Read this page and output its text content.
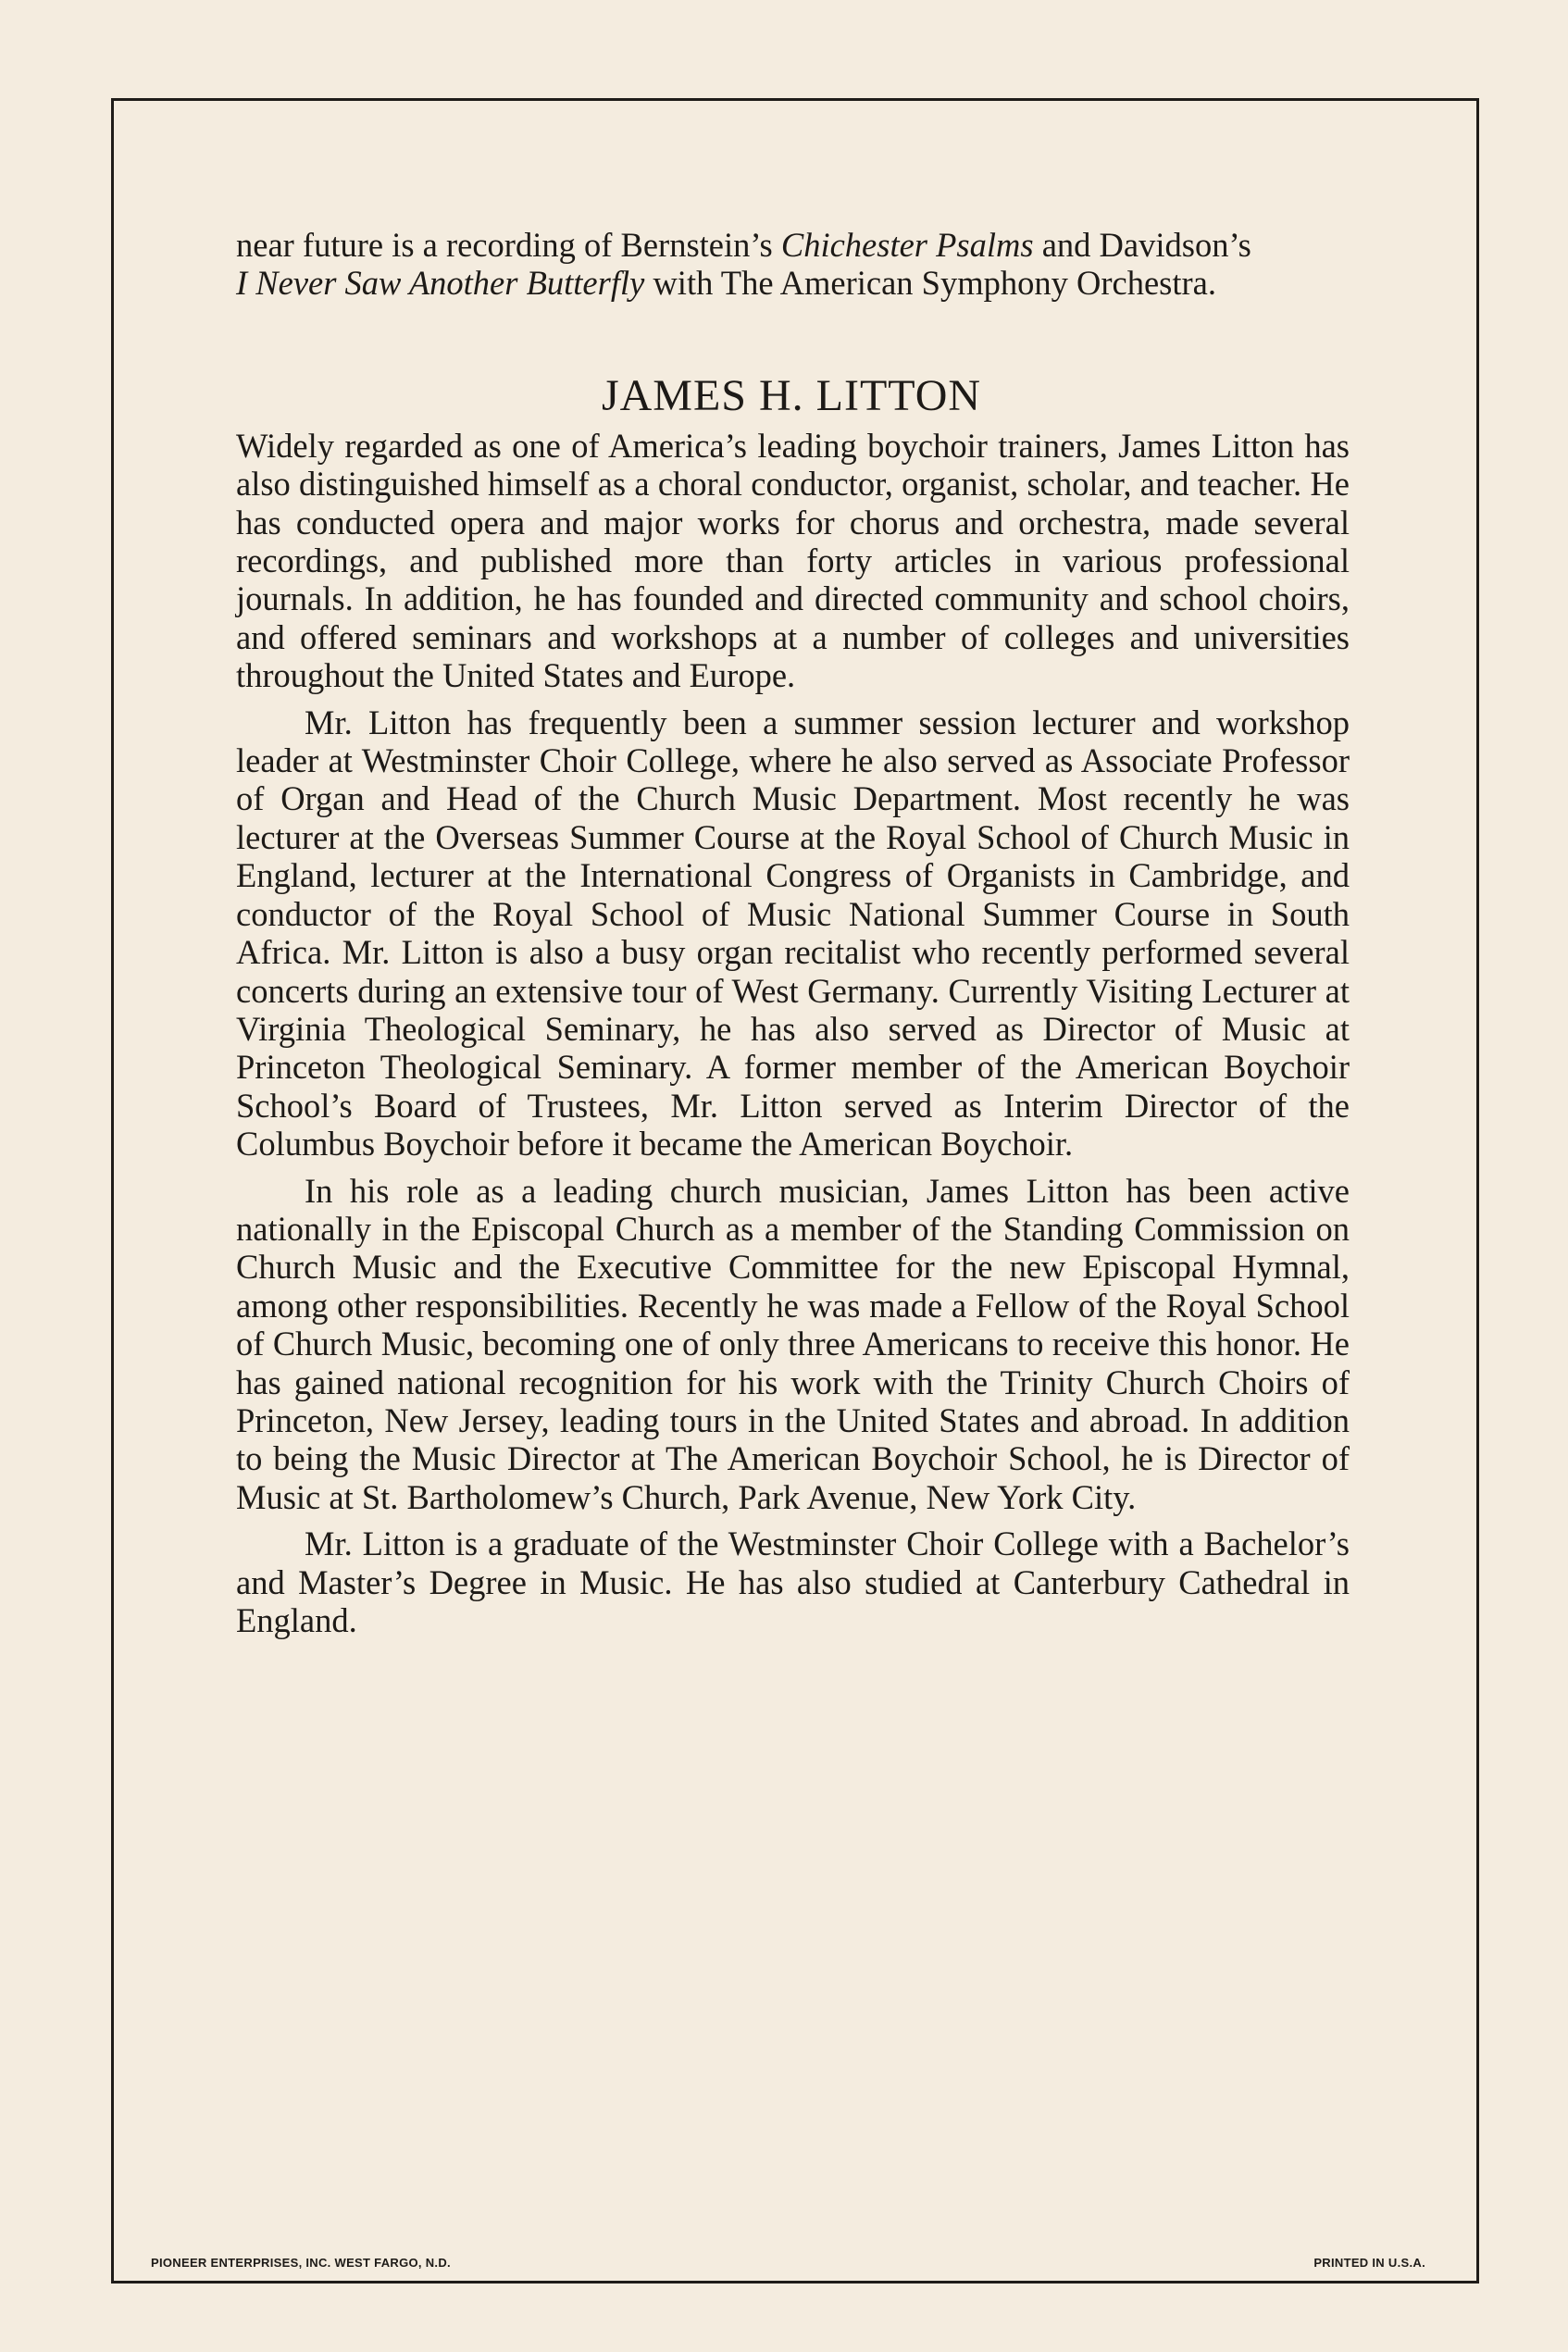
near future is a recording of Bernstein’s Chichester Psalms and Davidson’s

I Never Saw Another Butterfly with The American Symphony Orchestra.

JAMES H. LITTON

Widely regarded as one of America’s leading boychoir trainers, James Litton has also distinguished himself as a choral conductor, organist, scholar, and teacher. He has conducted opera and major works for chorus and orchestra, made several recordings, and published more than forty articles in various professional journals. In addition, he has founded and directed community and school choirs, and offered seminars and workshops at a number of colleges and universities throughout the United States and Europe.

Mr. Litton has frequently been a summer session lecturer and workshop leader at Westminster Choir College, where he also served as Associate Professor of Organ and Head of the Church Music Department. Most recently he was lecturer at the Overseas Summer Course at the Royal School of Church Music in England, lecturer at the International Congress of Organists in Cambridge, and conductor of the Royal School of Music National Summer Course in South Africa. Mr. Litton is also a busy organ recitalist who recently performed several concerts during an extensive tour of West Germany. Currently Visiting Lecturer at Virginia Theological Seminary, he has also served as Director of Music at Princeton Theological Seminary. A former member of the American Boychoir School’s Board of Trustees, Mr. Litton served as Interim Director of the Columbus Boychoir before it became the American Boychoir.

In his role as a leading church musician, James Litton has been active nationally in the Episcopal Church as a member of the Standing Commission on Church Music and the Executive Committee for the new Episcopal Hymnal, among other responsibilities. Recently he was made a Fellow of the Royal School of Church Music, becoming one of only three Americans to receive this honor. He has gained national recognition for his work with the Trinity Church Choirs of Princeton, New Jersey, leading tours in the United States and abroad. In addition to being the Music Director at The American Boychoir School, he is Director of Music at St. Bartholomew’s Church, Park Avenue, New York City.

Mr. Litton is a graduate of the Westminster Choir College with a Bachelor’s and Master’s Degree in Music. He has also studied at Canterbury Cathedral in England.

PIONEER ENTERPRISES, INC. WEST FARGO, N.D.	PRINTED IN U.S.A.
